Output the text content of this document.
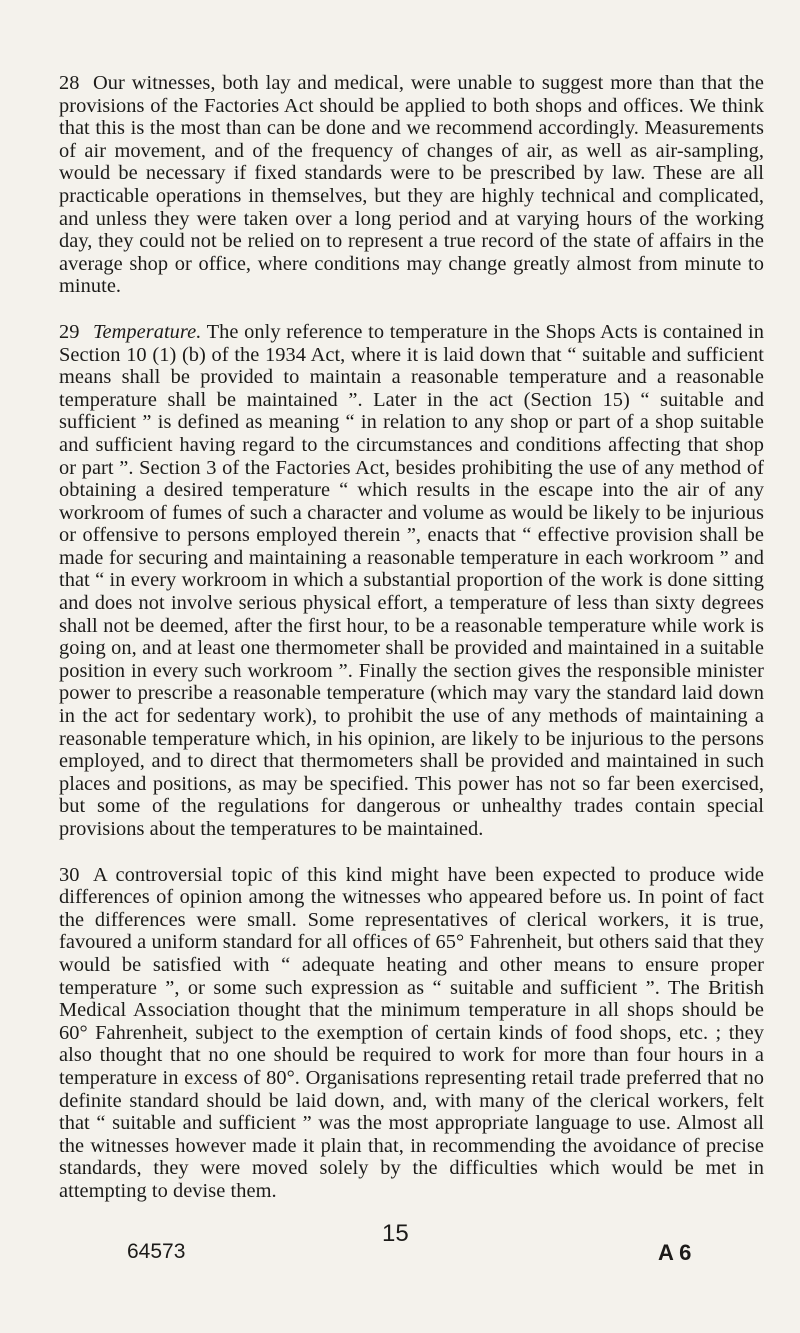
28 Our witnesses, both lay and medical, were unable to suggest more than that the provisions of the Factories Act should be applied to both shops and offices. We think that this is the most than can be done and we recommend accordingly. Measurements of air movement, and of the frequency of changes of air, as well as air-sampling, would be necessary if fixed standards were to be prescribed by law. These are all practicable operations in themselves, but they are highly technical and complicated, and unless they were taken over a long period and at varying hours of the working day, they could not be relied on to represent a true record of the state of affairs in the average shop or office, where conditions may change greatly almost from minute to minute.

29 Temperature. The only reference to temperature in the Shops Acts is contained in Section 10 (1) (b) of the 1934 Act, where it is laid down that “ suitable and sufficient means shall be provided to maintain a reasonable temperature and a reasonable temperature shall be maintained ”. Later in the act (Section 15) “ suitable and sufficient ” is defined as meaning “ in relation to any shop or part of a shop suitable and sufficient having regard to the circumstances and conditions affecting that shop or part ”. Section 3 of the Factories Act, besides prohibiting the use of any method of obtaining a desired temperature “ which results in the escape into the air of any workroom of fumes of such a character and volume as would be likely to be injurious or offensive to persons employed therein ”, enacts that “ effective provision shall be made for securing and maintaining a reasonable temperature in each workroom ” and that “ in every workroom in which a substantial proportion of the work is done sitting and does not involve serious physical effort, a temperature of less than sixty degrees shall not be deemed, after the first hour, to be a reasonable temperature while work is going on, and at least one thermometer shall be provided and maintained in a suitable position in every such workroom ”. Finally the section gives the responsible minister power to prescribe a reasonable temperature (which may vary the standard laid down in the act for sedentary work), to prohibit the use of any methods of maintaining a reasonable temperature which, in his opinion, are likely to be injurious to the persons employed, and to direct that thermometers shall be provided and maintained in such places and positions, as may be specified. This power has not so far been exercised, but some of the regulations for dangerous or unhealthy trades contain special provisions about the temperatures to be maintained.

30 A controversial topic of this kind might have been expected to produce wide differences of opinion among the witnesses who appeared before us. In point of fact the differences were small. Some representatives of clerical workers, it is true, favoured a uniform standard for all offices of 65° Fahrenheit, but others said that they would be satisfied with “ adequate heating and other means to ensure proper temperature ”, or some such expression as “ suitable and sufficient ”. The British Medical Association thought that the minimum temperature in all shops should be 60° Fahrenheit, subject to the exemption of certain kinds of food shops, etc. ; they also thought that no one should be required to work for more than four hours in a temperature in excess of 80°. Organisations representing retail trade preferred that no definite standard should be laid down, and, with many of the clerical workers, felt that “ suitable and sufficient ” was the most appropriate language to use. Almost all the witnesses however made it plain that, in recommending the avoidance of precise standards, they were moved solely by the difficulties which would be met in attempting to devise them.

15
64573	A 6
